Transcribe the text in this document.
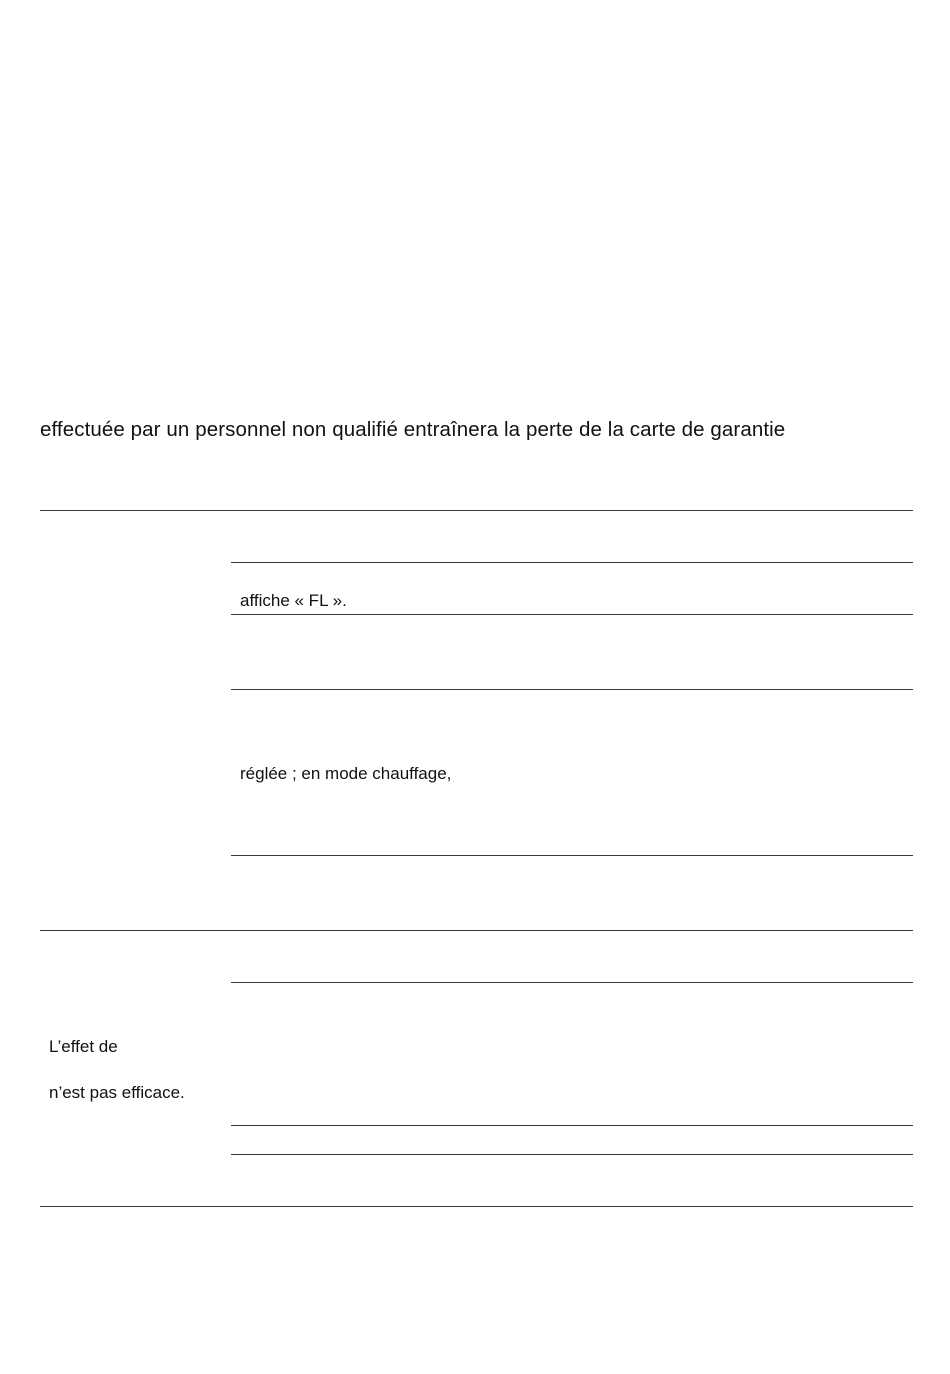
effectuée par un personnel non qualifié entraînera la perte de la carte de garantie
affiche « FL ».
réglée ; en mode chauffage,
L’effet de
n’est pas efficace.
